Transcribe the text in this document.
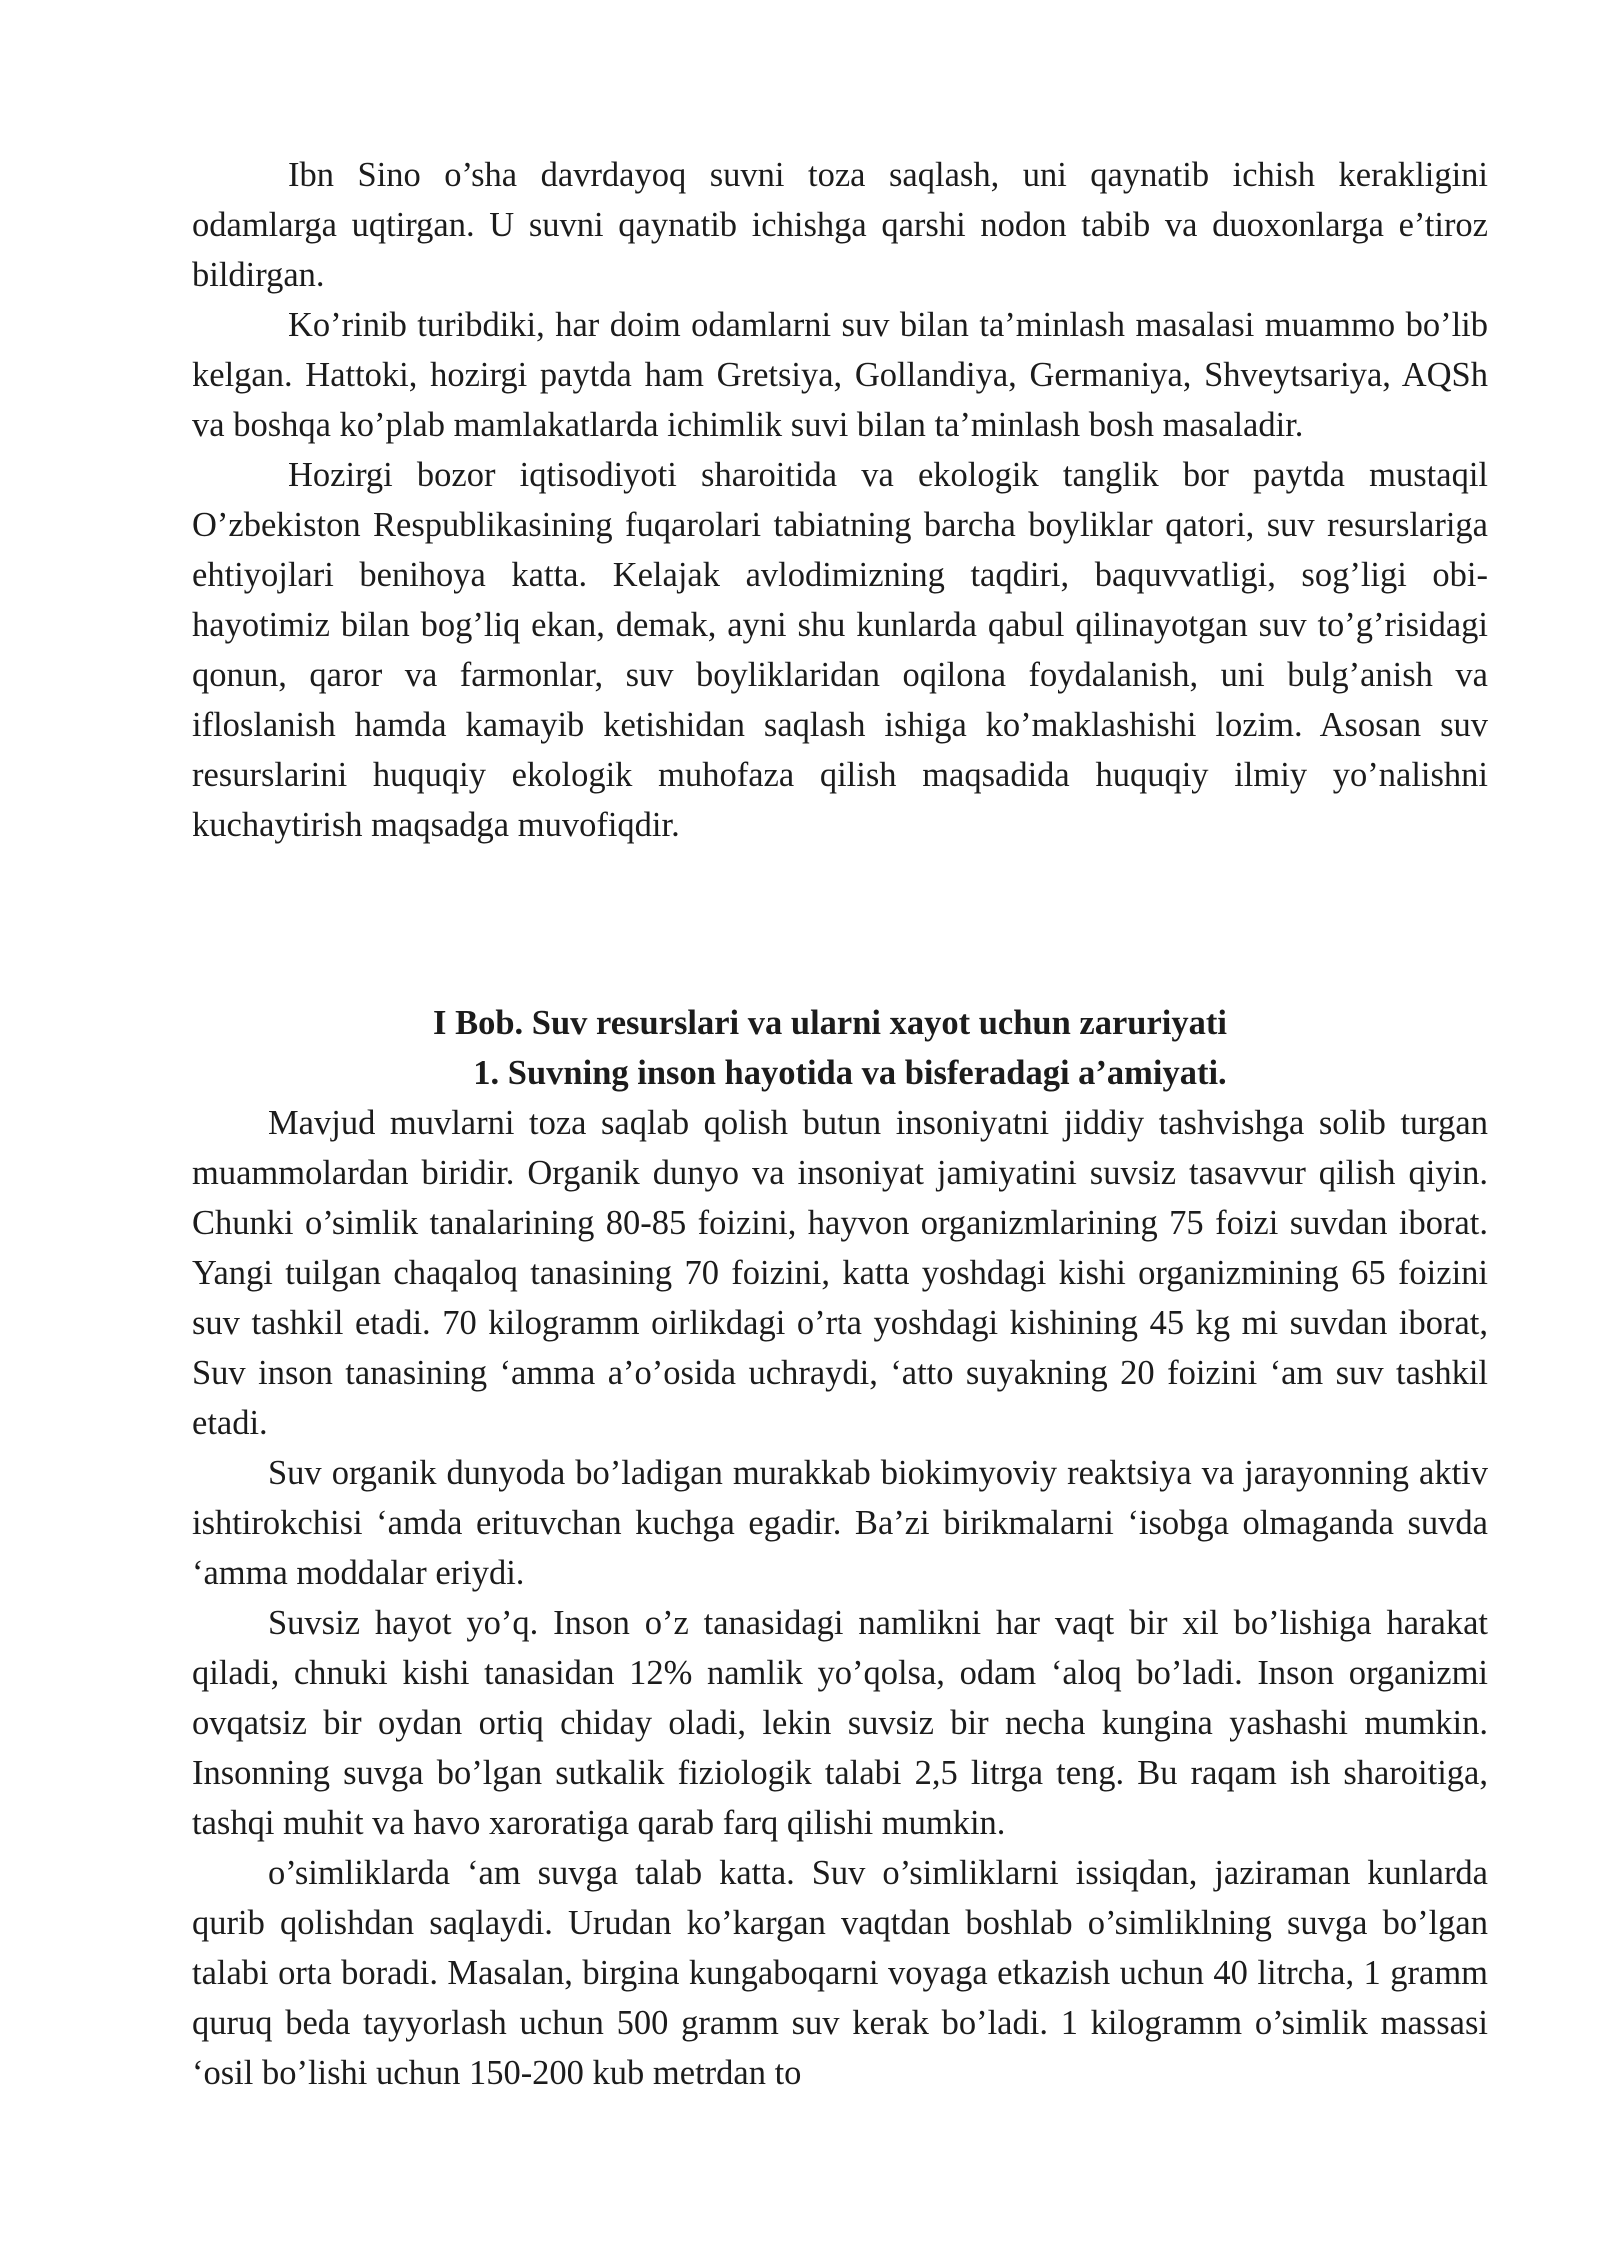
Ibn Sino o’sha davrdayoq suvni toza saqlash, uni qaynatib ichish kerakligini odamlarga uqtirgan. U suvni qaynatib ichishga qarshi nodon tabib va duoxonlarga e’tiroz bildirgan.

Ko’rinib turibdiki, har doim odamlarni suv bilan ta’minlash masalasi muammo bo’lib kelgan. Hattoki, hozirgi paytda ham Gretsiya, Gollandiya, Germaniya, Shveytsariya, AQSh va boshqa ko’plab mamlakatlarda ichimlik suvi bilan ta’minlash bosh masaladir.

Hozirgi bozor iqtisodiyoti sharoitida va ekologik tanglik bor paytda mustaqil O’zbekiston Respublikasining fuqarolari tabiatning barcha boyliklar qatori, suv resurslariga ehtiyojlari benihoya katta. Kelajak avlodimizning taqdiri, baquvvatligi, sog’ligi obi-hayotimiz bilan bog’liq ekan, demak, ayni shu kunlarda qabul qilinayotgan suv to’g’risidagi qonun, qaror va farmonlar, suv boyliklaridan oqilona foydalanish, uni bulg’anish va ifloslanish hamda kamayib ketishidan saqlash ishiga ko’maklashishi lozim. Asosan suv resurslarini huquqiy ekologik muhofaza qilish maqsadida huquqiy ilmiy yo’nalishni kuchaytirish maqsadga muvofiqdir.

I Bob. Suv resurslari va ularni xayot uchun zaruriyati
1. Suvning inson hayotida va bisferadagi a’amiyati.

Mavjud muvlarni toza saqlab qolish butun insoniyatni jiddiy tashvishga solib turgan muammolardan biridir. Organik dunyo va insoniyat jamiyatini suvsiz tasavvur qilish qiyin. Chunki o’simlik tanalarining 80-85 foizini, hayvon organizmlarining 75 foizi suvdan iborat. Yangi tuilgan chaqaloq tanasining 70 foizini, katta yoshdagi kishi organizmining 65 foizini suv tashkil etadi. 70 kilogramm oirlikdagi o’rta yoshdagi kishining 45 kg mi suvdan iborat, Suv inson tanasining ‘amma a’o’osida uchraydi, ‘atto suyakning 20 foizini ‘am suv tashkil etadi.

Suv organik dunyoda bo’ladigan murakkab biokimyoviy reaktsiya va jarayonning aktiv ishtirokchisi ‘amda erituvchan kuchga egadir. Ba’zi birikmalarni ‘isobga olmaganda suvda ‘amma moddalar eriydi.

Suvsiz hayot yo’q. Inson o’z tanasidagi namlikni har vaqt bir xil bo’lishiga harakat qiladi, chnuki kishi tanasidan 12% namlik yo’qolsa, odam ‘aloq bo’ladi. Inson organizmi ovqatsiz bir oydan ortiq chiday oladi, lekin suvsiz bir necha kungina yashashi mumkin. Insonning suvga bo’lgan sutkalik fiziologik talabi 2,5 litrga teng. Bu raqam ish sharoitiga, tashqi muhit va havo xaroratiga qarab farq qilishi mumkin.

o’simliklarda ‘am suvga talab katta. Suv o’simliklarni issiqdan, jaziraman kunlarda qurib qolishdan saqlaydi. Urudan ko’kargan vaqtdan boshlab o’simliklning suvga bo’lgan talabi orta boradi. Masalan, birgina kungaboqarni voyaga etkazish uchun 40 litrcha, 1 gramm quruq beda tayyorlash uchun 500 gramm suv kerak bo’ladi. 1 kilogramm o’simlik massasi ‘osil bo’lishi uchun 150-200 kub metrdan to
